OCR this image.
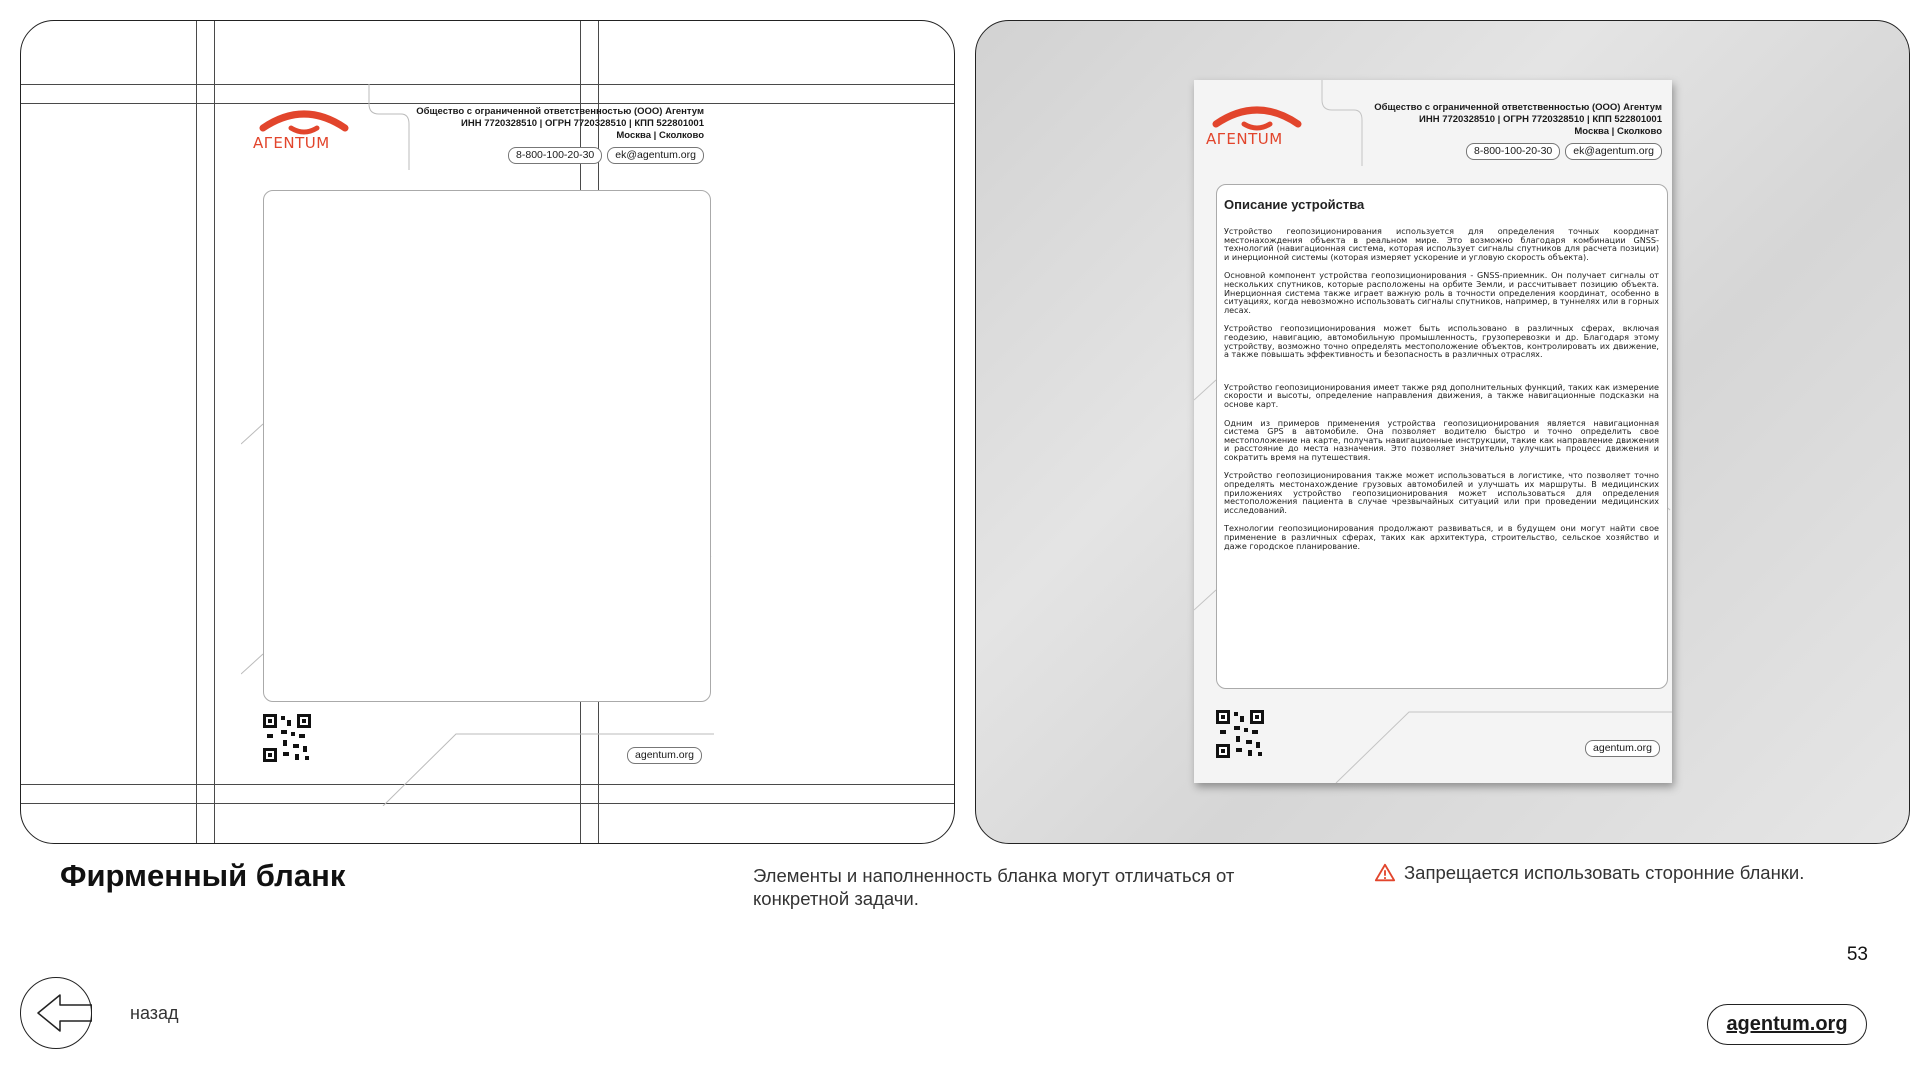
AГENTUM
Общество с ограниченной ответственностью (ООО) Агентум
ИНН 7720328510 | ОГРН 7720328510 | КПП 522801001
Москва | Сколково
8-800-100-20-30	ek@agentum.org
agentum.org
AГENTUM
Общество с ограниченной ответственностью (ООО) Агентум
ИНН 7720328510 | ОГРН 7720328510 | КПП 522801001
Москва | Сколково
8-800-100-20-30	ek@agentum.org
Описание устройства

Устройство геопозиционирования используется для определения точных координат местонахождения объекта в реальном мире. Это возможно благодаря комбинации GNSS-технологий (навигационная система, которая использует сигналы спутников для расчета позиции) и инерционной системы (которая измеряет ускорение и угловую скорость объекта).

Основной компонент устройства геопозиционирования - GNSS-приемник. Он получает сигналы от нескольких спутников, которые расположены на орбите Земли, и рассчитывает позицию объекта. Инерционная система также играет важную роль в точности определения координат, особенно в ситуациях, когда невозможно использовать сигналы спутников, например, в туннелях или в горных лесах.

Устройство геопозиционирования может быть использовано в различных сферах, включая геодезию, навигацию, автомобильную промышленность, грузоперевозки и др. Благодаря этому устройству, возможно точно определять местоположение объектов, контролировать их движение, а также повышать эффективность и безопасность в различных отраслях.

Устройство геопозиционирования имеет также ряд дополнительных функций, таких как измерение скорости и высоты, определение направления движения, а также навигационные подсказки на основе карт.

Одним из примеров применения устройства геопозиционирования является навигационная система GPS в автомобиле. Она позволяет водителю быстро и точно определить свое местоположение на карте, получать навигационные инструкции, такие как направление движения и расстояние до места назначения. Это позволяет значительно улучшить процесс движения и сократить время на путешествия.

Устройство геопозиционирования также может использоваться в логистике, что позволяет точно определять местонахождение грузовых автомобилей и улучшать их маршруты. В медицинских приложениях устройство геопозиционирования может использоваться для определения местоположения пациента в случае чрезвычайных ситуаций или при проведении медицинских исследований.

Технологии геопозиционирования продолжают развиваться, и в будущем они могут найти свое применение в различных сферах, таких как архитектура, строительство, сельское хозяйство и даже городское планирование.

agentum.org
Фирменный бланк	Элементы и наполненность бланка могут отличаться от конкретной задачи.
Запрещается использовать сторонние бланки.
53
назад	agentum.org
